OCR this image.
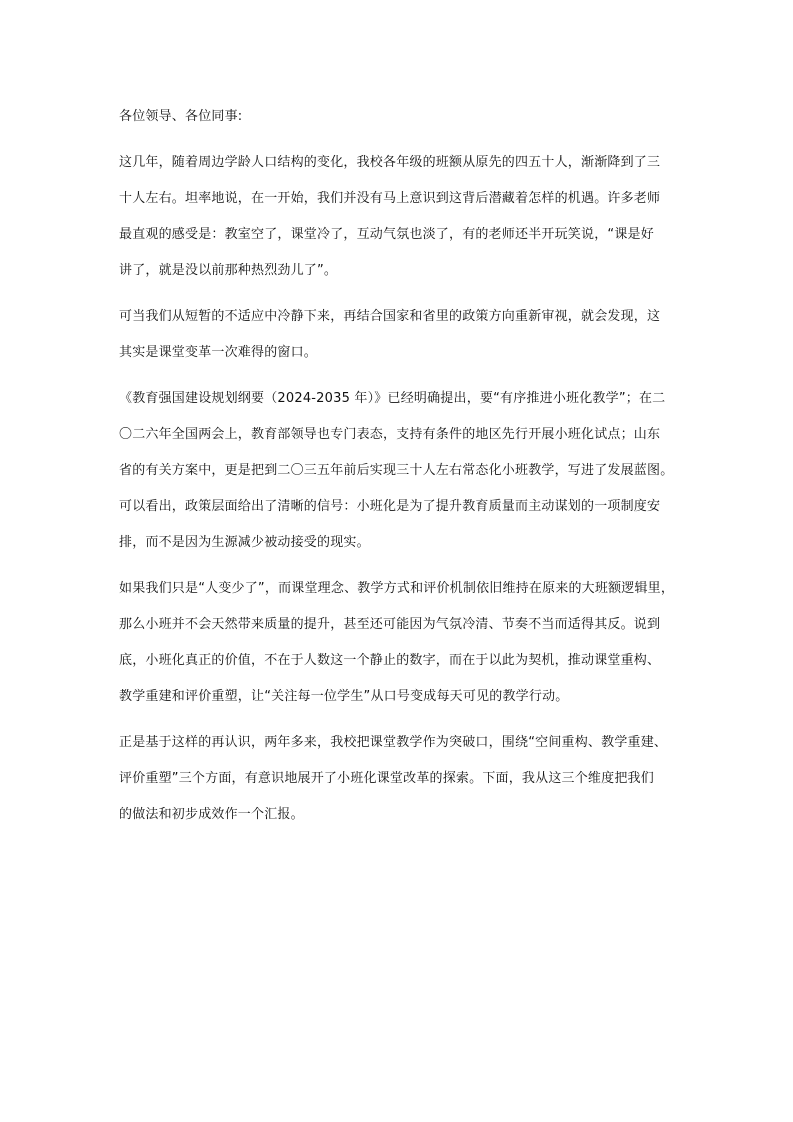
各位领导、各位同事:
这几年，随着周边学龄人口结构的变化，我校各年级的班额从原先的四五十人，渐渐降到了三
十人左右。坦率地说，在一开始，我们并没有马上意识到这背后潜藏着怎样的机遇。许多老师
最直观的感受是：教室空了，课堂冷了，互动气氛也淡了，有的老师还半开玩笑说，“课是好
讲了，就是没以前那种热烈劲儿了”。
可当我们从短暂的不适应中冷静下来，再结合国家和省里的政策方向重新审视，就会发现，这
其实是课堂变革一次难得的窗口。
《教育强国建设规划纲要（2024-2035 年）》已经明确提出，要“有序推进小班化教学”；在二
〇二六年全国两会上，教育部领导也专门表态，支持有条件的地区先行开展小班化试点；山东
省的有关方案中，更是把到二〇三五年前后实现三十人左右常态化小班教学，写进了发展蓝图。
可以看出，政策层面给出了清晰的信号：小班化是为了提升教育质量而主动谋划的一项制度安
排，而不是因为生源减少被动接受的现实。
如果我们只是“人变少了”，而课堂理念、教学方式和评价机制依旧维持在原来的大班额逻辑里，
那么小班并不会天然带来质量的提升，甚至还可能因为气氛冷清、节奏不当而适得其反。说到
底，小班化真正的价值，不在于人数这一个静止的数字，而在于以此为契机，推动课堂重构、
教学重建和评价重塑，让“关注每一位学生”从口号变成每天可见的教学行动。
正是基于这样的再认识，两年多来，我校把课堂教学作为突破口，围绕“空间重构、教学重建、
评价重塑”三个方面，有意识地展开了小班化课堂改革的探索。下面，我从这三个维度把我们
的做法和初步成效作一个汇报。
